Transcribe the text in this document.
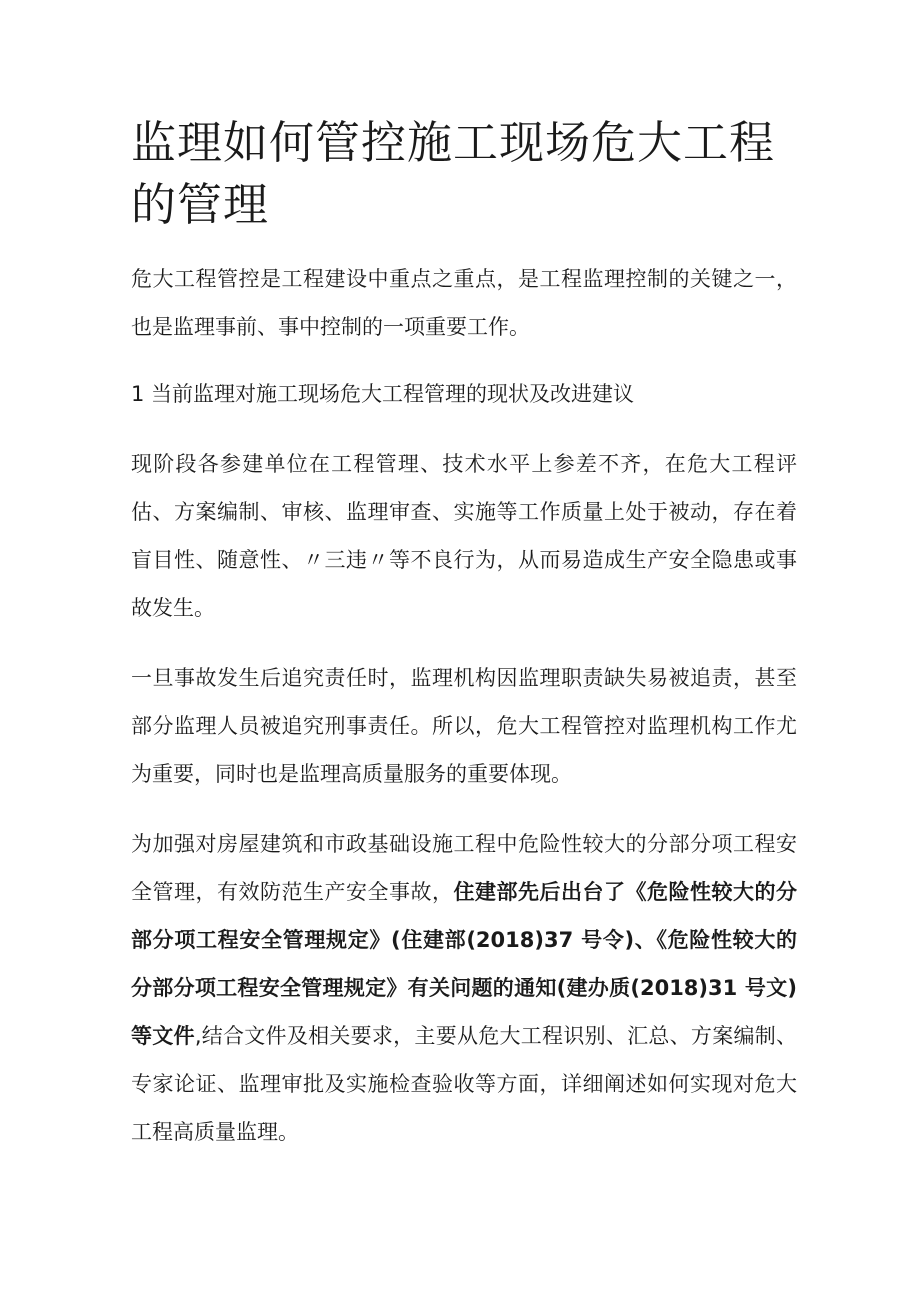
监理如何管控施工现场危大工程的管理

危大工程管控是工程建设中重点之重点，是工程监理控制的关键之一，也是监理事前、事中控制的一项重要工作。

1 当前监理对施工现场危大工程管理的现状及改进建议

现阶段各参建单位在工程管理、技术水平上参差不齐，在危大工程评估、方案编制、审核、监理审查、实施等工作质量上处于被动，存在着盲目性、随意性、〃三违〃等不良行为，从而易造成生产安全隐患或事故发生。

一旦事故发生后追究责任时，监理机构因监理职责缺失易被追责，甚至部分监理人员被追究刑事责任。所以，危大工程管控对监理机构工作尤为重要，同时也是监理高质量服务的重要体现。

为加强对房屋建筑和市政基础设施工程中危险性较大的分部分项工程安全管理，有效防范生产安全事故，住建部先后出台了《危险性较大的分部分项工程安全管理规定》(住建部(2018)37 号令)、《危险性较大的分部分项工程安全管理规定》有关问题的通知(建办质(2018)31 号文)等文件,结合文件及相关要求，主要从危大工程识别、汇总、方案编制、专家论证、监理审批及实施检查验收等方面，详细阐述如何实现对危大工程高质量监理。
